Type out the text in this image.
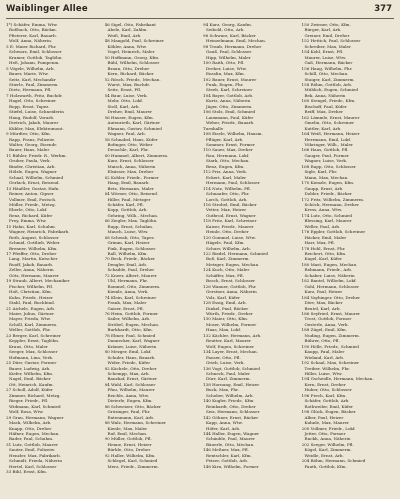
Waiblinger Allee	377
1*) Schäfer, Emma, Wtw.
Roßbach, Otto, Bäckm.
Pfisterer, Karl, Bauarb.
Wolf, Anna, Näherin.
3 E: Maier Richard, Fhr.
Schwarz, Emil, Schlosser
Kramer, Gottlob, Taglöhn.
Heß, Johann, Pumpenm.
5 Vögele, Wilhelm, Arb.
Bauer, Marie, Wtw.
Seitz, Karl, Mechanikr
Stierle, Paul, Zimmerm.
Dietz, Hermann, Pfl.
7 Holzwarth, Fritz, Buchdr.
Hagel, Otto, Schreiner
Bopp, Ernst, Tapez.
Stiefel, Luise, Schneiderin
Haug, Rudolf, Vorarb.
Dietrich, Jakob, Maurer
Kübler, Max, Elektromont.
9 Mürdter, Otto, Kfm.
Rapp, Franz, Polizeiw.
Walter, Georg, Eisendr.
Bauer, Hans, Maler
11 Bühler, Friedr. R., Werkm.
Gruber, Paula, Verk.
Binder, Christian, Arb.
Hölzle, Eugen, Wagner
Schaal, Wilhelm, Schmied
Gerlach, Ernst, Reisend.
13 Häußler, Gustav, Hafn.
Reiner, Anton, Gipser
Vollmer, Emil, Postsch.
Müller, Friedr., Metzg.
Eberle, Otto, Lokf.
Renz, Richard, Küfer
Frey, Emma, Wtw.
15 Hahn, Karl, Schuhm.
Wagner, Heinrich, Fabrikarb.
Roth, August, Schlosser
Schmid, Gottlieb, Weber
Brenner, Wilhelm, Kfm.
17 Pfeiffer, Otto, Dreher
Lang, Martin, Kutscher
Ruoff, Jakob, Bauarb.
Zeller, Anna, Näherin
Götz, Hermann, Maurer
19 Straub, Albert, Mechaniker
Fischer, Wilhelm, Pfl.
Hoß, Christian, Kfm.
Kuhn, Friedr., Heizer
Stahl, Paul, Buchbind.
21 Aichele, Eugen, Arb.
Maier, Julius, Gärtner
Mayer, Frieda, Wtw.
Schöll, Karl, Zimmerm.
Weller, Gottlob, Fhr.
23 Berger, Karl, Schreiner
Keppler, Ernst, Taglöhn.
Kraus, Otto, Maler
Seeger, Max, Schlosser
Hofmann, Lina, Verk.
25 Dürr, Gustav, Former
Bauer, Ludwig, Arb.
Kiefer, Wilhelm, Kfm.
Nagel, Emil, Bäcker
Ott, Heinrich, Kaufm.
27 Scholl, Adolf, Küfer
Zimmer, Richard, Metzg.
Rieger, Friedr., Pfl.
Widmann, Karl, Schmied
Wolf, Rosa, Wtw.
29 Grau, Hermann, Wagner
Mack, Wilhelm, Arb.
Knapp, Otto, Dreher
Häfner, Eugen, Mechan.
Bader, Paul, Schuhm.
31 Lutz, Gottlob, Maurer
Sauter, Emil, Polizeiw.
Henzler, Max, Fabrikarb.
Schmidt, Frieda, Näherin
Hertel, Karl, Schlosser
33 Bihl, Ernst, Kfm.
46 Sigel, Otto, Fabrikant
Abele, Karl, Zahlm.
Weiß, Emil, Arb.
48 Mangold, Paul, Schreiner
Köhler, Anna, Wtw.
Vogel, Heinrich, Maler
50 Hoffmann, Georg, Kfm.
Bühl, Wilhelm, Schlosser
Braun, Otto, Dreher
Kern, Richard, Bäcker
52 Rösch, Friedr., Mechan.
Wurst, Max, Buchdr.
Seitz, Ernst, Pfl.
54 Baur, Luise, Verk.
Mohr, Otto, Lokf.
Stoll, Karl, Arb.
Dreher, Emil, Maurer
56 Hauser, Eugen, Kfm.
Autenrieth, Karl, Gärtner
Ehmann, Gustav, Schmied
Wagner, Paul, Arb.
58 Schnabel, Hans, Küfer
Bofinger, Otto, Weber
Deuschle, Karl, Fhr.
60 Hummel, Albert, Zimmerm.
Kurz, Ernst, Schlosser
Maisch, Anna, Näherin
Elsässer, Max, Dreher
62 Kohler, Friedr., Former
Haag, Emil, Bauarb.
Betz, Hermann, Maler
64 Wörner, Otto, Reisend.
Hiller, Paul, Metzger
Schäfer, Karl, Pfl.
Kopp, Gottlob, Arb.
Gehring, Wilh., Mechan.
66 Ziegler, Max, Taglöhn.
Rupp, Ernst, Schuhm.
Mauch, Luise, Wtw.
68 Schwab, Otto, Tapez.
Grimm, Karl, Heizer
Fink, Eugen, Schlosser
Rall, Wilhelm, Kfm.
70 Beck, Friedr., Bäcker
Dengler, Emil, Arb.
Schaible, Paul, Dreher
72 Kneer, Albert, Maurer
Uhl, Hermann, Fhr.
Rommel, Otto, Zimmerm.
Kiemle, Anna, Verk.
74 Klein, Karl, Schreiner
Frank, Max, Maler
Gaiser, Ernst, Pfl.
76 Heim, Gottlob, Former
Sailer, Wilhelm, Arb.
Ströbel, Eugen, Mechan.
Burkhardt, Otto, Kfm.
78 Ebner, Paul, Schmied
Dannecker, Karl, Wagner
Krämer, Luise, Näherin
80 Mezger, Emil, Lokf.
Schuler, Hans, Bauarb.
Wider, Friedr., Küfer
82 Kächele, Otto, Dreher
Schempp, Max, Arb.
Banzhaf, Ernst, Gärtner
84 Wahl, Karl, Schlosser
Pfau, Wilhelm, Maurer
Reichle, Anna, Wtw.
Dieterle, Eugen, Kfm.
86 Schweizer, Otto, Bäcker
Grözinger, Paul, Fhr.
Entenmann, Karl, Arb.
88 Walz, Hermann, Schreiner
Kienle, Max, Maler
Ruf, Emil, Mechan.
90 Müller, Gottlob, Pfl.
Henne, Ernst, Heizer
Bürkle, Otto, Dreher
92 Haller, Wilhelm, Kfm.
Schlegel, Karl, Schmied
Merz, Friedr., Zimmerm.
94 Kurz, Georg, Kaufm.
Seibold, Otto, Arb.
96 Schwarz, Karl, Bäcker
Heinzelmann, Emil, Mechan.
98 Traub, Hermann, Dreher
Gauß, Paul, Schlosser
Hipp, Wilhelm, Maler
100 Raith, Otto, Pfl.
Dreher, Luise, Wtw.
Ensslin, Max, Kfm.
102 Bauer, Ernst, Maurer
Funk, Eugen, Fhr.
Steeb, Karl, Schreiner
104 Bayer, Gottlob, Arb.
Kurtz, Anna, Näherin
Jäger, Otto, Zimmerm.
106 Stolz, Emil, Schmied
Lauxmann, Paul, Küfer
Weber, Friedr., Bauarb.
Turnhalle
108 Eisele, Wilhelm, Hausm.
Pflüger, Karl, Arb.
Sommer, Ernst, Former
110 Sauer, Max, Dreher
Rau, Hermann, Lokf.
Stark, Otto, Mechan.
Benz, Eugen, Kfm.
112 Friz, Anna, Verk.
Eckert, Karl, Maler
Hermann, Paul, Schlosser
114 Notz, Wilhelm, Pfl.
Schnaufer, Otto, Fhr.
Lorch, Gottlob, Arb.
116 Strobel, Emil, Bäcker
Vetter, Max, Heizer
Gutbrod, Ernst, Wagner
118 Fritz, Karl, Schreiner
Kaiser, Friedr., Maurer
Heinle, Otto, Dreher
120 Gommel, Luise, Wtw.
Hägele, Paul, Kfm.
Schurr, Wilhelm, Arb.
122 Riedel, Hermann, Schmied
Boß, Karl, Zimmerm.
Metzger, Eugen, Mechan.
124 Kuch, Otto, Maler
Schäffer, Max, Pfl.
Bosch, Ernst, Schlosser
126 Wanner, Gottlob, Fhr.
Gerstner, Anna, Näherin
Volz, Karl, Küfer
128 Essig, Emil, Arb.
Dinkel, Paul, Bäcker
Würth, Friedr., Dreher
130 Maier, Otto, Kfm.
Moser, Wilhelm, Former
Haas, Max, Lokf.
132 Kächler, Hermann, Arb.
Reutter, Karl, Maurer
Wolf, Eugen, Schreiner
134 Layer, Ernst, Mechan.
Fauser, Otto, Pfl.
Grieb, Luise, Verk.
136 Vogt, Gottlob, Schmied
Schneck, Paul, Maler
Dürr, Karl, Zimmerm.
138 Hornung, Emil, Heizer
Buck, Max, Fhr.
Schober, Wilhelm, Arb.
140 Kugler, Friedr., Kfm.
Reinhardt, Otto, Dreher
Seiz, Hermann, Schlosser
142 Göhner, Ernst, Bäcker
Kapp, Anna, Wtw.
Höfer, Karl, Arb.
144 Haller, Eugen, Wagner
Schäuble, Paul, Maurer
Bäuerle, Otto, Mechan.
146 Meßner, Max, Pfl.
Rentschler, Karl, Kfm.
Fetzer, Gottlob, Arb.
148 Kirn, Wilhelm, Former
150 Zwirner, Otto, Kfm.
Bürger, Karl, Arb.
Greiner, Emil, Dreher
152 Hettich, Paul, Schlosser
Schreiber, Max, Maler
154 Kohl, Ernst, Pfl.
Maurer, Luise, Wtw.
Gaß, Hermann, Bäcker
156 Haug, Wilhelm, Fhr.
Schill, Otto, Mechan.
Staiger, Karl, Zimmerm.
158 Röhm, Gottlob, Arb.
Mühlich, Eugen, Schmied
Bek, Anna, Näherin
160 Stengel, Friedr., Kfm.
Bischoff, Paul, Küfer
Reiff, Max, Dreher
162 Lämmle, Ernst, Maurer
Gmelin, Otto, Schreiner
Kuttler, Karl, Arb.
164 Weiß, Hermann, Heizer
Herrmann, Emil, Lokf.
Vöhringer, Wilh., Maler
166 Haas, Gottlob, Pfl.
Gauger, Paul, Former
Wagner, Luise, Verk.
168 Rapp, Otto, Schlosser
Sigle, Karl, Fhr.
Mann, Max, Mechan.
170 Kienzle, Eugen, Kfm.
Gaupp, Ernst, Arb.
Dobler, Friedr., Bäcker
172 Fritz, Wilhelm, Zimmerm.
Schöck, Hermann, Dreher
Kress, Anna, Wtw.
174 Lutz, Otto, Schmied
Blessing, Karl, Maurer
Weller, Paul, Arb.
176 Eppler, Gottlob, Schreiner
Häcker, Emil, Maler
Harr, Max, Pfl.
178 Hohl, Ernst, Fhr.
Reichert, Otto, Kfm.
Kugel, Karl, Küfer
180 Mast, Eugen, Mechan.
Rebmann, Friedr., Arb.
Schaber, Luise, Näherin
182 Bantel, Wilhelm, Lokf.
Gohl, Hermann, Schlosser
Kurz, Paul, Heizer
184 Vayhinger, Otto, Dreher
Dörr, Max, Bäcker
Beutel, Karl, Arb.
186 Seyfried, Ernst, Maurer
Trost, Gottlob, Former
Oesterle, Anna, Verk.
188 Zügel, Emil, Kfm.
Nuding, Eugen, Zimmerm.
Bührer, Otto, Pfl.
190 Hölle, Friedr., Schmied
Kaupp, Paul, Maler
Wieland, Karl, Arb.
192 Schaal, Max, Schreiner
Treiber, Wilhelm, Fhr.
Hiller, Luise, Wtw.
194 Gscheidle, Hermann, Mechan.
Kern, Ernst, Dreher
Huber, Otto, Schlosser
196 Frech, Karl, Kfm.
Schäfer, Gottlob, Arb.
Rothweiler, Emil, Küfer
198 Glück, Eugen, Bäcker
Alber, Paul, Heizer
Kuhnle, Max, Maurer
200 Vollmer, Friedr., Lokf.
Jetter, Otto, Former
Ruckh, Anna, Näherin
202 Seeger, Wilhelm, Pfl.
Kögel, Karl, Zimmerm.
Weidle, Ernst, Arb.
204 Böhm, Hermann, Schmied
Fauth, Gottlob, Kfm.
